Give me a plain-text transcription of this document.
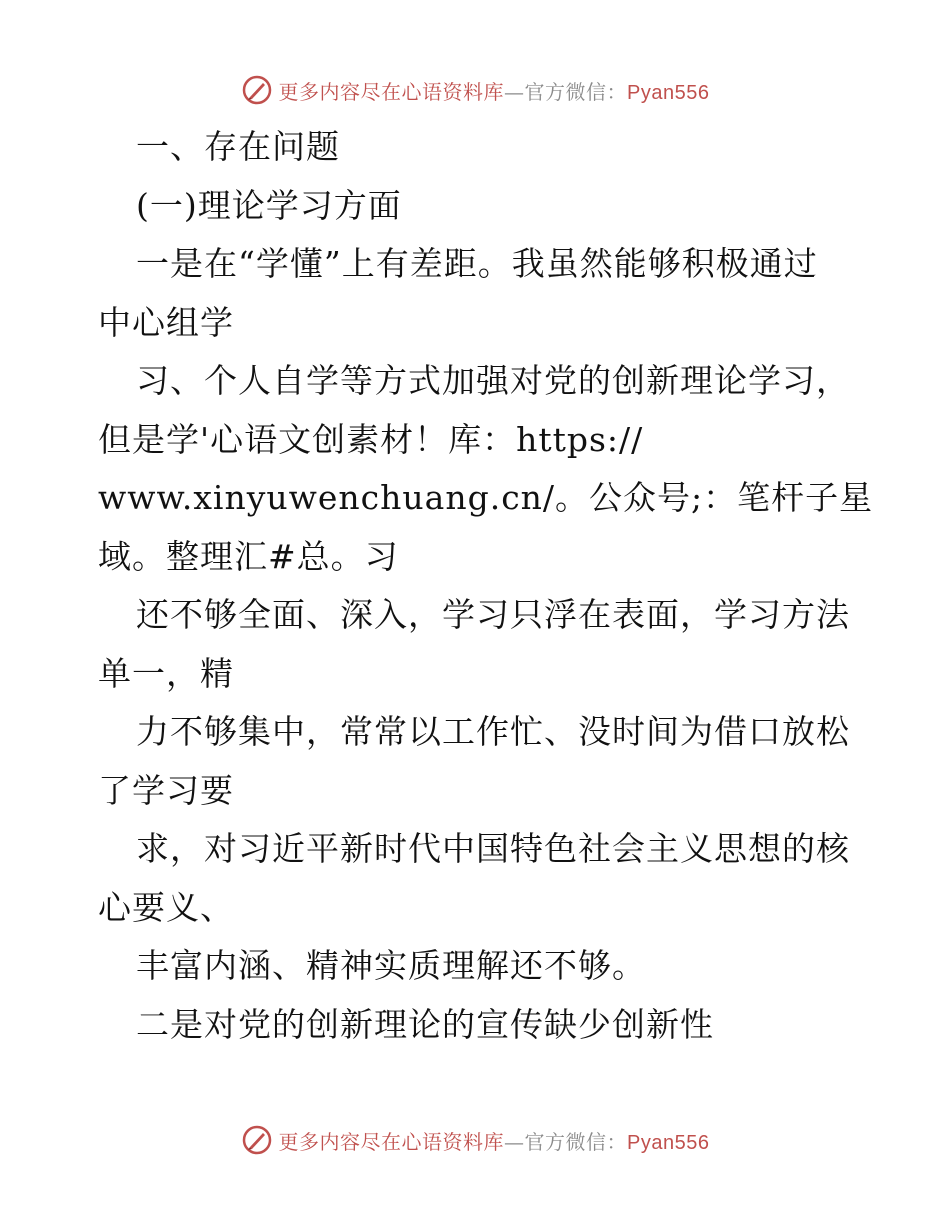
更多内容尽在心语资料库—官方微信：Pyan556
一、存在问题
(一)理论学习方面
一是在“学懂”上有差距。我虽然能够积极通过
中心组学
习、个人自学等方式加强对党的创新理论学习，
但是学'心语文创素材！库：https://
www.xinyuwenchuang.cn/。公众号;：笔杆子星
域。整理汇#总。习
还不够全面、深入，学习只浮在表面，学习方法
单一，精
力不够集中，常常以工作忙、没时间为借口放松
了学习要
求，对习近平新时代中国特色社会主义思想的核
心要义、
丰富内涵、精神实质理解还不够。
二是对党的创新理论的宣传缺少创新性
更多内容尽在心语资料库—官方微信：Pyan556
